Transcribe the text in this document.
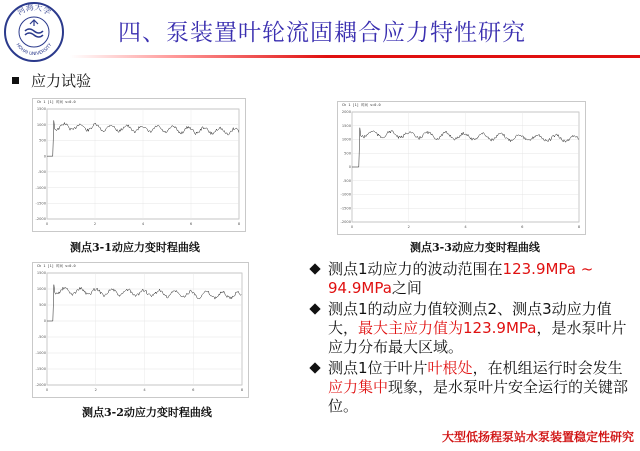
河海大学
HOHAI UNIVERSITY	四、泵装置叶轮流固耦合应力特性研究
应力试验
Ch 1 [1] 时间 s=0.0
1500
1000
500
0
-500
-1000
-1500
-2000
0	2	4	6	8
测点3-1动应力变时程曲线
Ch 1 [1] 时间 s=0.0
2000
1500
1000
500
0
-500
-1000
-1500
-2000
0	2	4	6	8
测点3-3动应力变时程曲线
Ch 1 [1] 时间 s=0.0
1500
1000
500
0
-500
-1000
-1500
-2000
0	2	4	6	8
测点3-2动应力变时程曲线
测点1动应力的波动范围在123.9MPa ~ 94.9MPa之间
测点1的动应力值较测点2、测点3动应力值大，最大主应力值为123.9MPa，是水泵叶片应力分布最大区域。
测点1位于叶片叶根处，在机组运行时会发生应力集中现象，是水泵叶片安全运行的关键部位。
大型低扬程泵站水泵装置稳定性研究
